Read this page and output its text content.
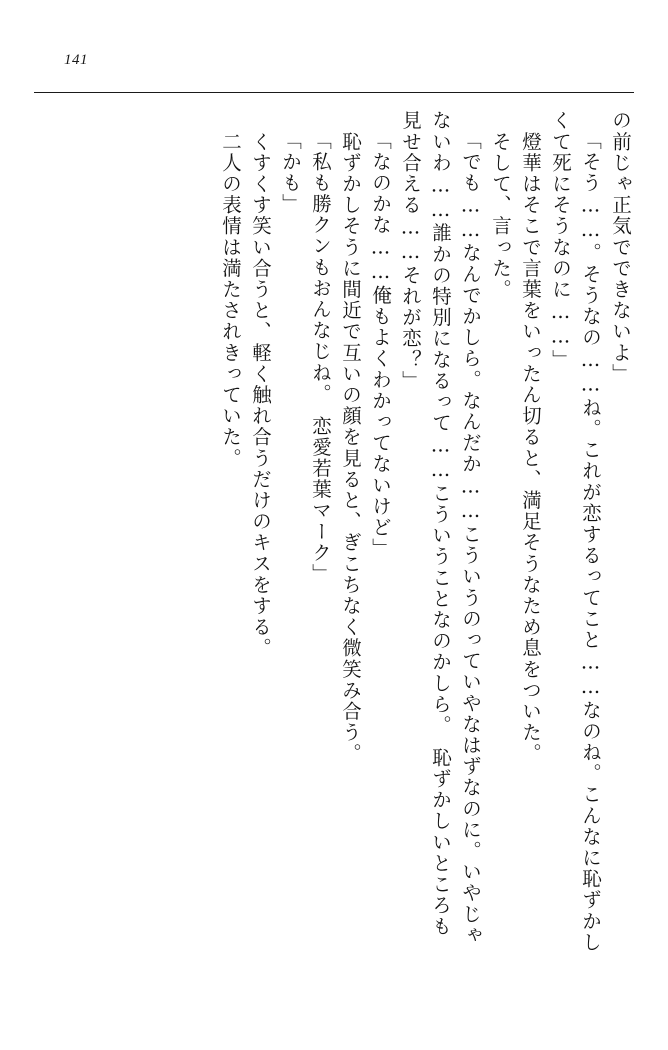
141
の前じゃ正気でできないよ」
「そう……。そうなの……ね。これが恋するってこと……なのね。こんなに恥ずかし
くて死にそうなのに……」
　燈華はそこで言葉をいったん切ると、満足そうなため息をついた。
　そして、言った。
「でも……なんでかしら。なんだか……こういうのっていやなはずなのに。いやじゃ
ないわ……誰かの特別になるって……こういうことなのかしら。　恥ずかしいところも
見せ合える……それが恋？」
「なのかな……俺もよくわかってないけど」
　恥ずかしそうに間近で互いの顔を見ると、ぎこちなく微笑み合う。
「私も勝クンもおんなじね。　恋愛若葉マーク」
「かも」
　くすくす笑い合うと、軽く触れ合うだけのキスをする。
　二人の表情は満たされきっていた。
